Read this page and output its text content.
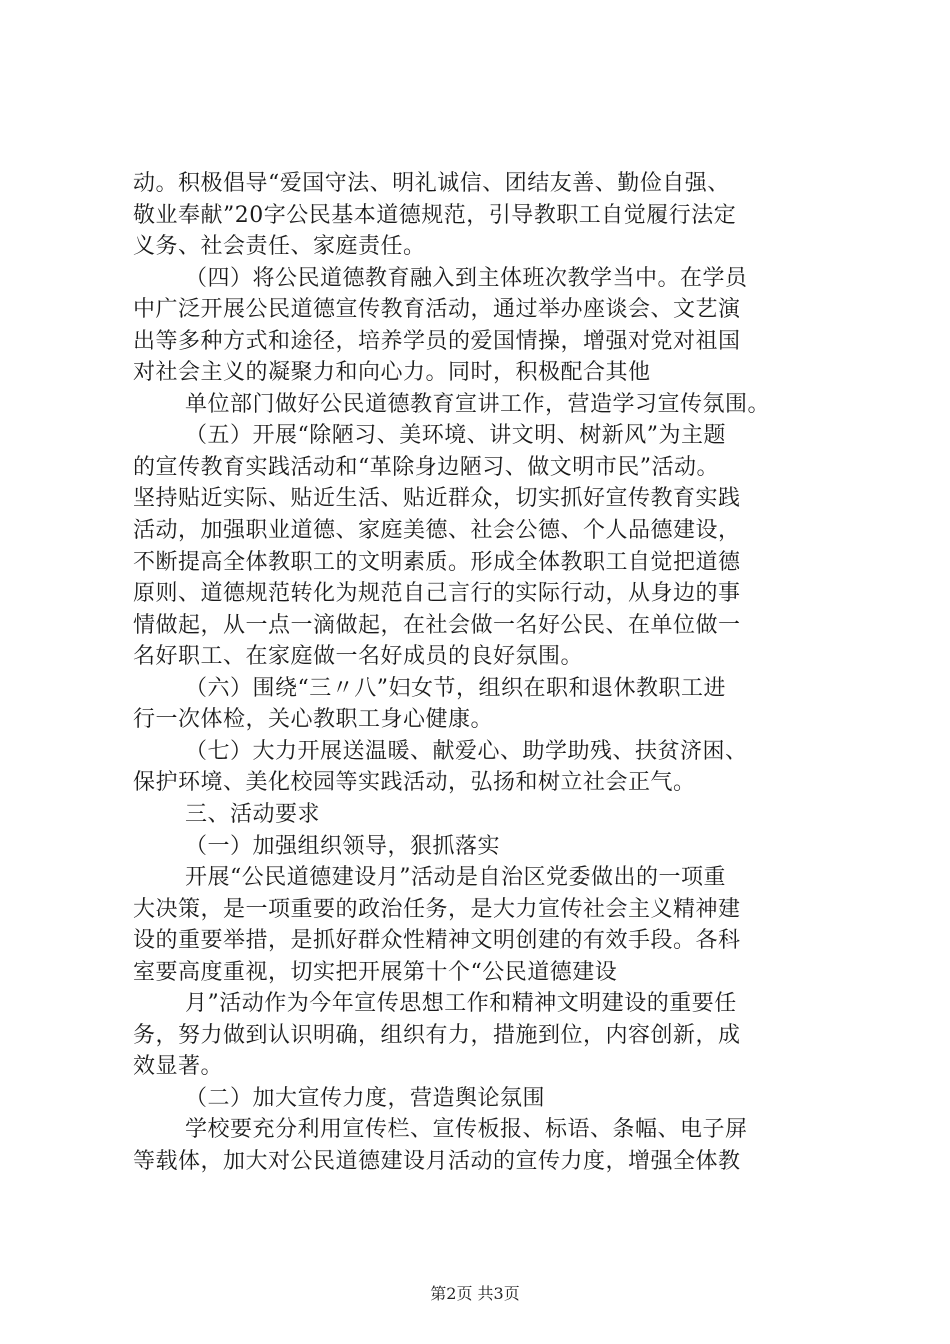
动。积极倡导“爱国守法、明礼诚信、团结友善、勤俭自强、
敬业奉献”20字公民基本道德规范，引导教职工自觉履行法定
义务、社会责任、家庭责任。
（四）将公民道德教育融入到主体班次教学当中。在学员
中广泛开展公民道德宣传教育活动，通过举办座谈会、文艺演
出等多种方式和途径，培养学员的爱国情操，增强对党对祖国
对社会主义的凝聚力和向心力。同时，积极配合其他
单位部门做好公民道德教育宣讲工作，营造学习宣传氛围。
（五）开展“除陋习、美环境、讲文明、树新风”为主题
的宣传教育实践活动和“革除身边陋习、做文明市民”活动。
坚持贴近实际、贴近生活、贴近群众，切实抓好宣传教育实践
活动，加强职业道德、家庭美德、社会公德、个人品德建设，
不断提高全体教职工的文明素质。形成全体教职工自觉把道德
原则、道德规范转化为规范自己言行的实际行动，从身边的事
情做起，从一点一滴做起，在社会做一名好公民、在单位做一
名好职工、在家庭做一名好成员的良好氛围。
（六）围绕“三〃八”妇女节，组织在职和退休教职工进
行一次体检，关心教职工身心健康。
（七）大力开展送温暖、献爱心、助学助残、扶贫济困、
保护环境、美化校园等实践活动，弘扬和树立社会正气。
三、活动要求
（一）加强组织领导，狠抓落实
开展“公民道德建设月”活动是自治区党委做出的一项重
大决策，是一项重要的政治任务，是大力宣传社会主义精神建
设的重要举措，是抓好群众性精神文明创建的有效手段。各科
室要高度重视，切实把开展第十个“公民道德建设
月”活动作为今年宣传思想工作和精神文明建设的重要任
务，努力做到认识明确，组织有力，措施到位，内容创新，成
效显著。
（二）加大宣传力度，营造舆论氛围
学校要充分利用宣传栏、宣传板报、标语、条幅、电子屏
等载体，加大对公民道德建设月活动的宣传力度，增强全体教
第2页 共3页
